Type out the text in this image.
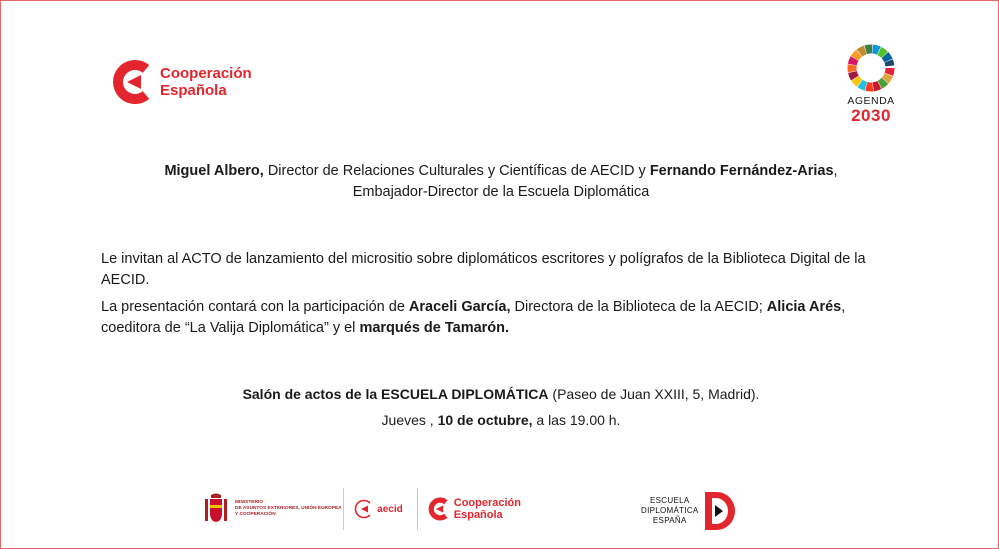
Cooperación
Española
AGENDA
2030
Miguel Albero, Director de Relaciones Culturales y Científicas de AECID y Fernando Fernández-Arias,
Embajador-Director de la Escuela Diplomática
Le invitan al ACTO de lanzamiento del micrositio sobre diplomáticos escritores y polígrafos de la Biblioteca Digital de la AECID.
La presentación contará con la participación de Araceli García, Directora de la Biblioteca de la AECID; Alicia Arés, coeditora de “La Valija Diplomática” y el marqués de Tamarón.
Salón de actos de la ESCUELA DIPLOMÁTICA (Paseo de Juan XXIII, 5, Madrid).
Jueves , 10 de octubre, a las 19.00 h.
MINISTERIO
DE ASUNTOS EXTERIORES, UNIÓN EUROPEA
Y COOPERACIÓN	aecid	Cooperación
Española
ESCUELA
DIPLOMÁTICA
ESPAÑA
